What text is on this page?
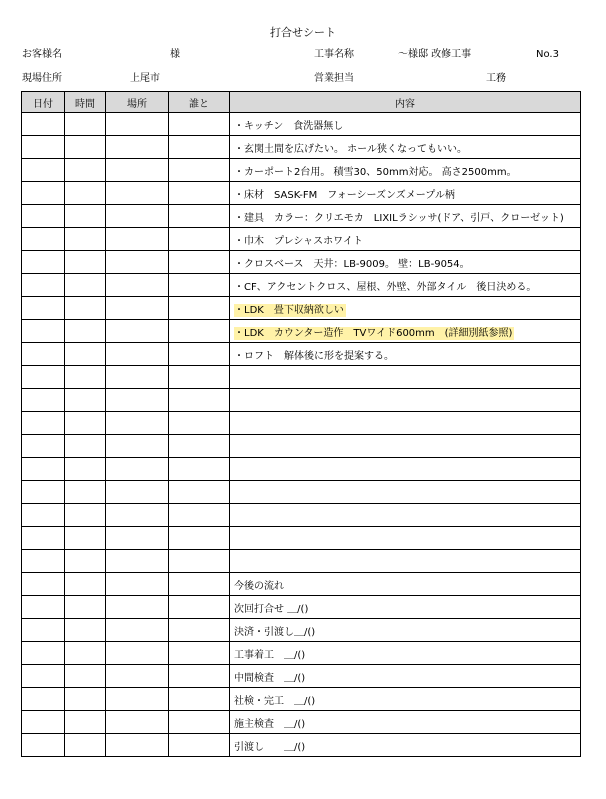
打合せシート
お客様名	様	工事名称	～様邸 改修工事	No.3
現場住所	上尾市	営業担当	工務
日付	時間	場所	誰と	内容
				・キッチン　食洗器無し
				・玄関土間を広げたい。 ホール狭くなってもいい。
				・カーポート2台用。 積雪30、50mm対応。 高さ2500mm。
				・床材　SASK-FM　フォーシーズンズメープル柄
				・建具　カラー：クリエモカ　LIXILラシッサ(ドア、引戸、クローゼット)
				・巾木　プレシャスホワイト
				・クロスベース　天井：LB-9009。 壁：LB-9054。
				・CF、アクセントクロス、屋根、外壁、外部タイル　後日決める。
				・LDK　畳下収納欲しい
				・LDK　カウンター造作　TVワイド600mm　(詳細別紙参照)
				・ロフト　解体後に形を提案する。

				今後の流れ
				次回打合せ ＿/()
				決済・引渡し＿/()
				工事着工　＿/()
				中間検査　＿/()
				社検・完工　＿/()
				施主検査　＿/()
				引渡し　　＿/()
